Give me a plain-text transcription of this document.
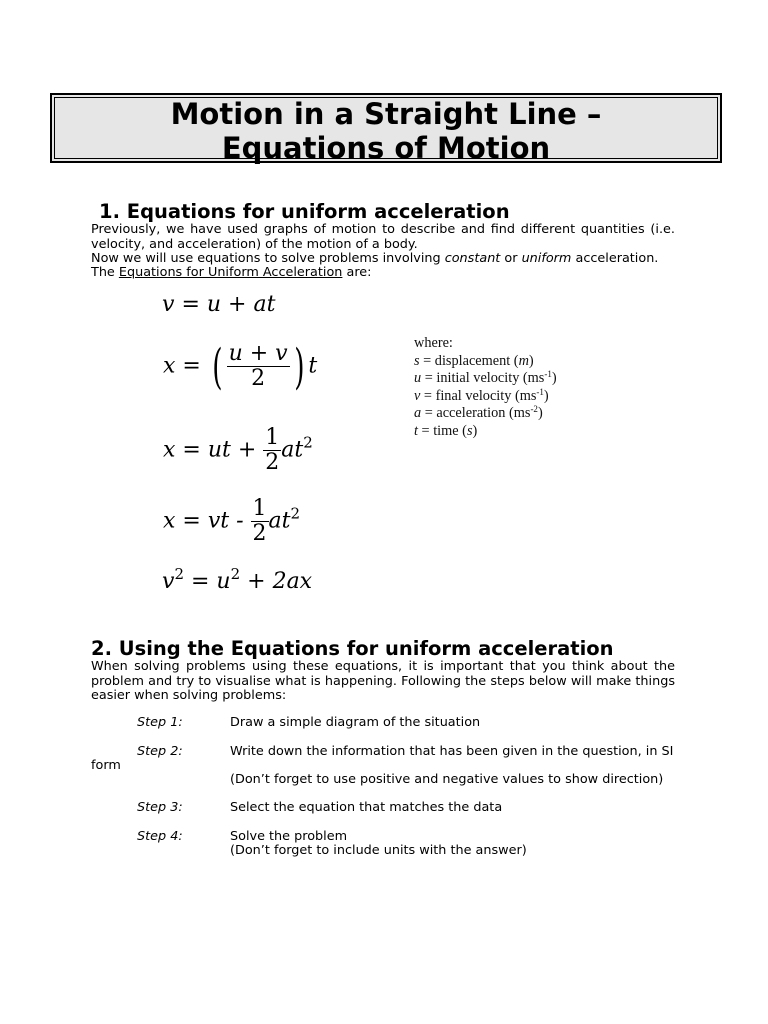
Motion in a Straight Line –
Equations of Motion
1. Equations for uniform acceleration
Previously, we have used graphs of motion to describe and find different quantities (i.e. velocity, and acceleration) of the motion of a body.
Now we will use equations to solve problems involving constant or uniform acceleration.
The Equations for Uniform Acceleration are:
v = u + at
x = ( $\frac{u + v}{2}$ ) t
x = ut + $\frac{1}{2} at^2$
x = vt - $\frac{1}{2} at^2$
$v^2 = u^2 + 2ax$
where:
s = displacement (m)
u = initial velocity $(ms^{-1})$
v = final velocity $(ms^{-1})$
a = acceleration $(ms^{-2})$
t = time (s)
2. Using the Equations for uniform acceleration
When solving problems using these equations, it is important that you think about the problem and try to visualise what is happening. Following the steps below will make things easier when solving problems:
Step 1:	Draw a simple diagram of the situation
Step 2:	Write down the information that has been given in the question, in SI
form
(Don’t forget to use positive and negative values to show direction)
Step 3:	Select the equation that matches the data
Step 4:	Solve the problem
(Don’t forget to include units with the answer)
